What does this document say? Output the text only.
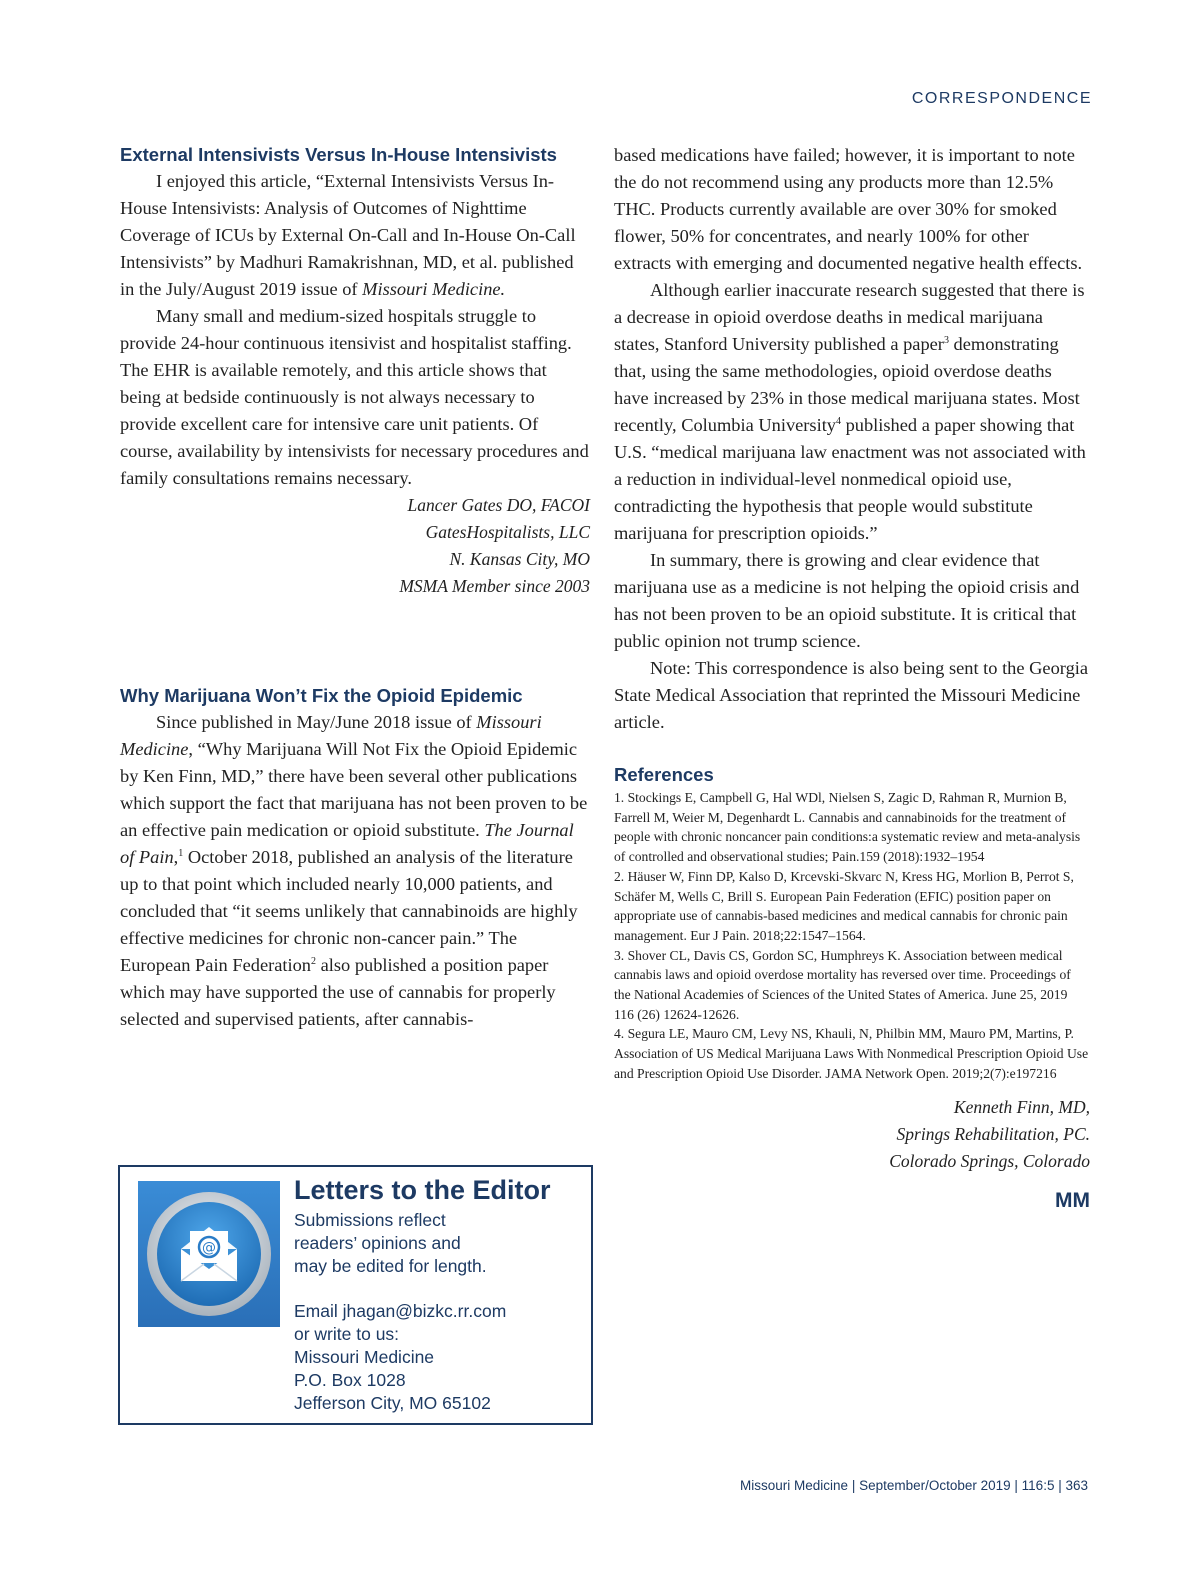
CORRESPONDENCE
External Intensivists Versus In-House Intensivists

I enjoyed this article, “External Intensivists Versus In-House Intensivists: Analysis of Outcomes of Nighttime Coverage of ICUs by External On-Call and In-House On-Call Intensivists” by Madhuri Ramakrishnan, MD, et al. published in the July/August 2019 issue of Missouri Medicine.

Many small and medium-sized hospitals struggle to provide 24-hour continuous itensivist and hospitalist staffing. The EHR is available remotely, and this article shows that being at bedside continuously is not always necessary to provide excellent care for intensive care unit patients. Of course, availability by intensivists for necessary procedures and family consultations remains necessary.

Lancer Gates DO, FACOI
GatesHospitalists, LLC
N. Kansas City, MO
MSMA Member since 2003
Why Marijuana Won’t Fix the Opioid Epidemic

Since published in May/June 2018 issue of Missouri Medicine, “Why Marijuana Will Not Fix the Opioid Epidemic by Ken Finn, MD,” there have been several other publications which support the fact that marijuana has not been proven to be an effective pain medication or opioid substitute. The Journal of Pain,$^1$ October 2018, published an analysis of the literature up to that point which included nearly 10,000 patients, and concluded that “it seems unlikely that cannabinoids are highly effective medicines for chronic non-cancer pain.” The European Pain Federation$^2$ also published a position paper which may have supported the use of cannabis for properly selected and supervised patients, after cannabis-

based medications have failed; however, it is important to note the do not recommend using any products more than 12.5% THC. Products currently available are over 30% for smoked flower, 50% for concentrates, and nearly 100% for other extracts with emerging and documented negative health effects.

Although earlier inaccurate research suggested that there is a decrease in opioid overdose deaths in medical marijuana states, Stanford University published a paper$^3$ demonstrating that, using the same methodologies, opioid overdose deaths have increased by 23% in those medical marijuana states. Most recently, Columbia University$^4$ published a paper showing that U.S. “medical marijuana law enactment was not associated with a reduction in individual-level nonmedical opioid use, contradicting the hypothesis that people would substitute marijuana for prescription opioids.”

In summary, there is growing and clear evidence that marijuana use as a medicine is not helping the opioid crisis and has not been proven to be an opioid substitute. It is critical that public opinion not trump science.

Note: This correspondence is also being sent to the Georgia State Medical Association that reprinted the Missouri Medicine article.

References
1. Stockings E, Campbell G, Hal WDl, Nielsen S, Zagic D, Rahman R, Murnion B, Farrell M, Weier M, Degenhardt L. Cannabis and cannabinoids for the treatment of people with chronic noncancer pain conditions:a systematic review and meta-analysis of controlled and observational studies; Pain.159 (2018):1932–1954
2. Häuser W, Finn DP, Kalso D, Krcevski-Skvarc N, Kress HG, Morlion B, Perrot S, Schäfer M, Wells C, Brill S. European Pain Federation (EFIC) position paper on appropriate use of cannabis-based medicines and medical cannabis for chronic pain management. Eur J Pain. 2018;22:1547–1564.
3. Shover CL, Davis CS, Gordon SC, Humphreys K. Association between medical cannabis laws and opioid overdose mortality has reversed over time. Proceedings of the National Academies of Sciences of the United States of America. June 25, 2019 116 (26) 12624-12626.
4. Segura LE, Mauro CM, Levy NS, Khauli, N, Philbin MM, Mauro PM, Martins, P. Association of US Medical Marijuana Laws With Nonmedical Prescription Opioid Use and Prescription Opioid Use Disorder. JAMA Network Open. 2019;2(7):e197216
Kenneth Finn, MD,
Springs Rehabilitation, PC.
Colorado Springs, Colorado
MM
@
Letters to the Editor
Submissions reflect
readers’ opinions and
may be edited for length.
Email jhagan@bizkc.rr.com
or write to us:
Missouri Medicine
P.O. Box 1028
Jefferson City, MO 65102
Missouri Medicine | September/October 2019 | 116:5 | 363
